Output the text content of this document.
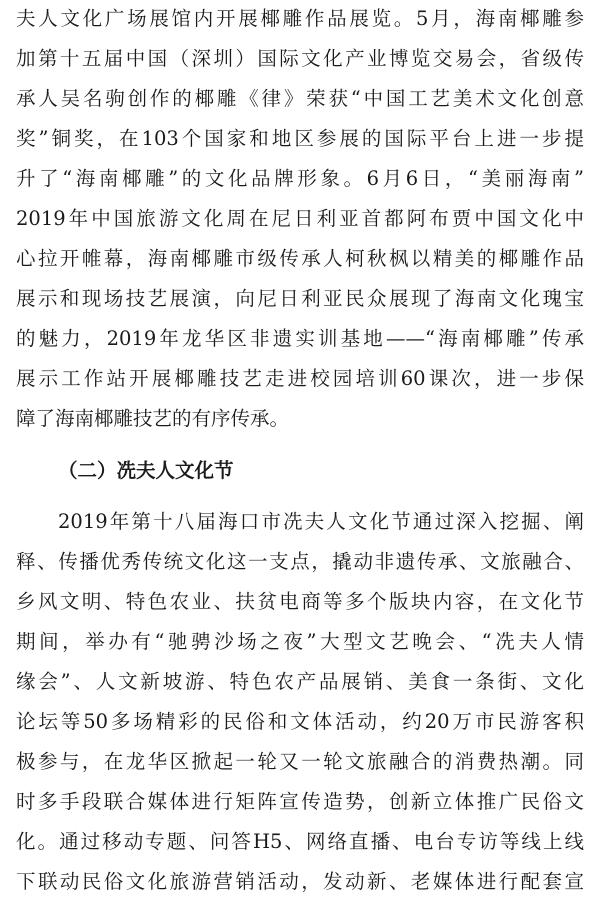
夫人文化广场展馆内开展椰雕作品展览。5月，海南椰雕参
加第十五届中国（深圳）国际文化产业博览交易会，省级传
承人吴名驹创作的椰雕《律》荣获“中国工艺美术文化创意
奖”铜奖，在103个国家和地区参展的国际平台上进一步提
升了“海南椰雕”的文化品牌形象。6月6日，“美丽海南”
2019年中国旅游文化周在尼日利亚首都阿布贾中国文化中
心拉开帷幕，海南椰雕市级传承人柯秋枫以精美的椰雕作品
展示和现场技艺展演，向尼日利亚民众展现了海南文化瑰宝
的魅力，2019年龙华区非遗实训基地——“海南椰雕”传承
展示工作站开展椰雕技艺走进校园培训60课次，进一步保
障了海南椰雕技艺的有序传承。
（二）冼夫人文化节
2019年第十八届海口市冼夫人文化节通过深入挖掘、阐
释、传播优秀传统文化这一支点，撬动非遗传承、文旅融合、
乡风文明、特色农业、扶贫电商等多个版块内容，在文化节
期间，举办有“驰骋沙场之夜”大型文艺晚会、“冼夫人情
缘会”、人文新坡游、特色农产品展销、美食一条街、文化
论坛等50多场精彩的民俗和文体活动，约20万市民游客积
极参与，在龙华区掀起一轮又一轮文旅融合的消费热潮。同
时多手段联合媒体进行矩阵宣传造势，创新立体推广民俗文
化。通过移动专题、问答H5、网络直播、电台专访等线上线
下联动民俗文化旅游营销活动，发动新、老媒体进行配套宣
